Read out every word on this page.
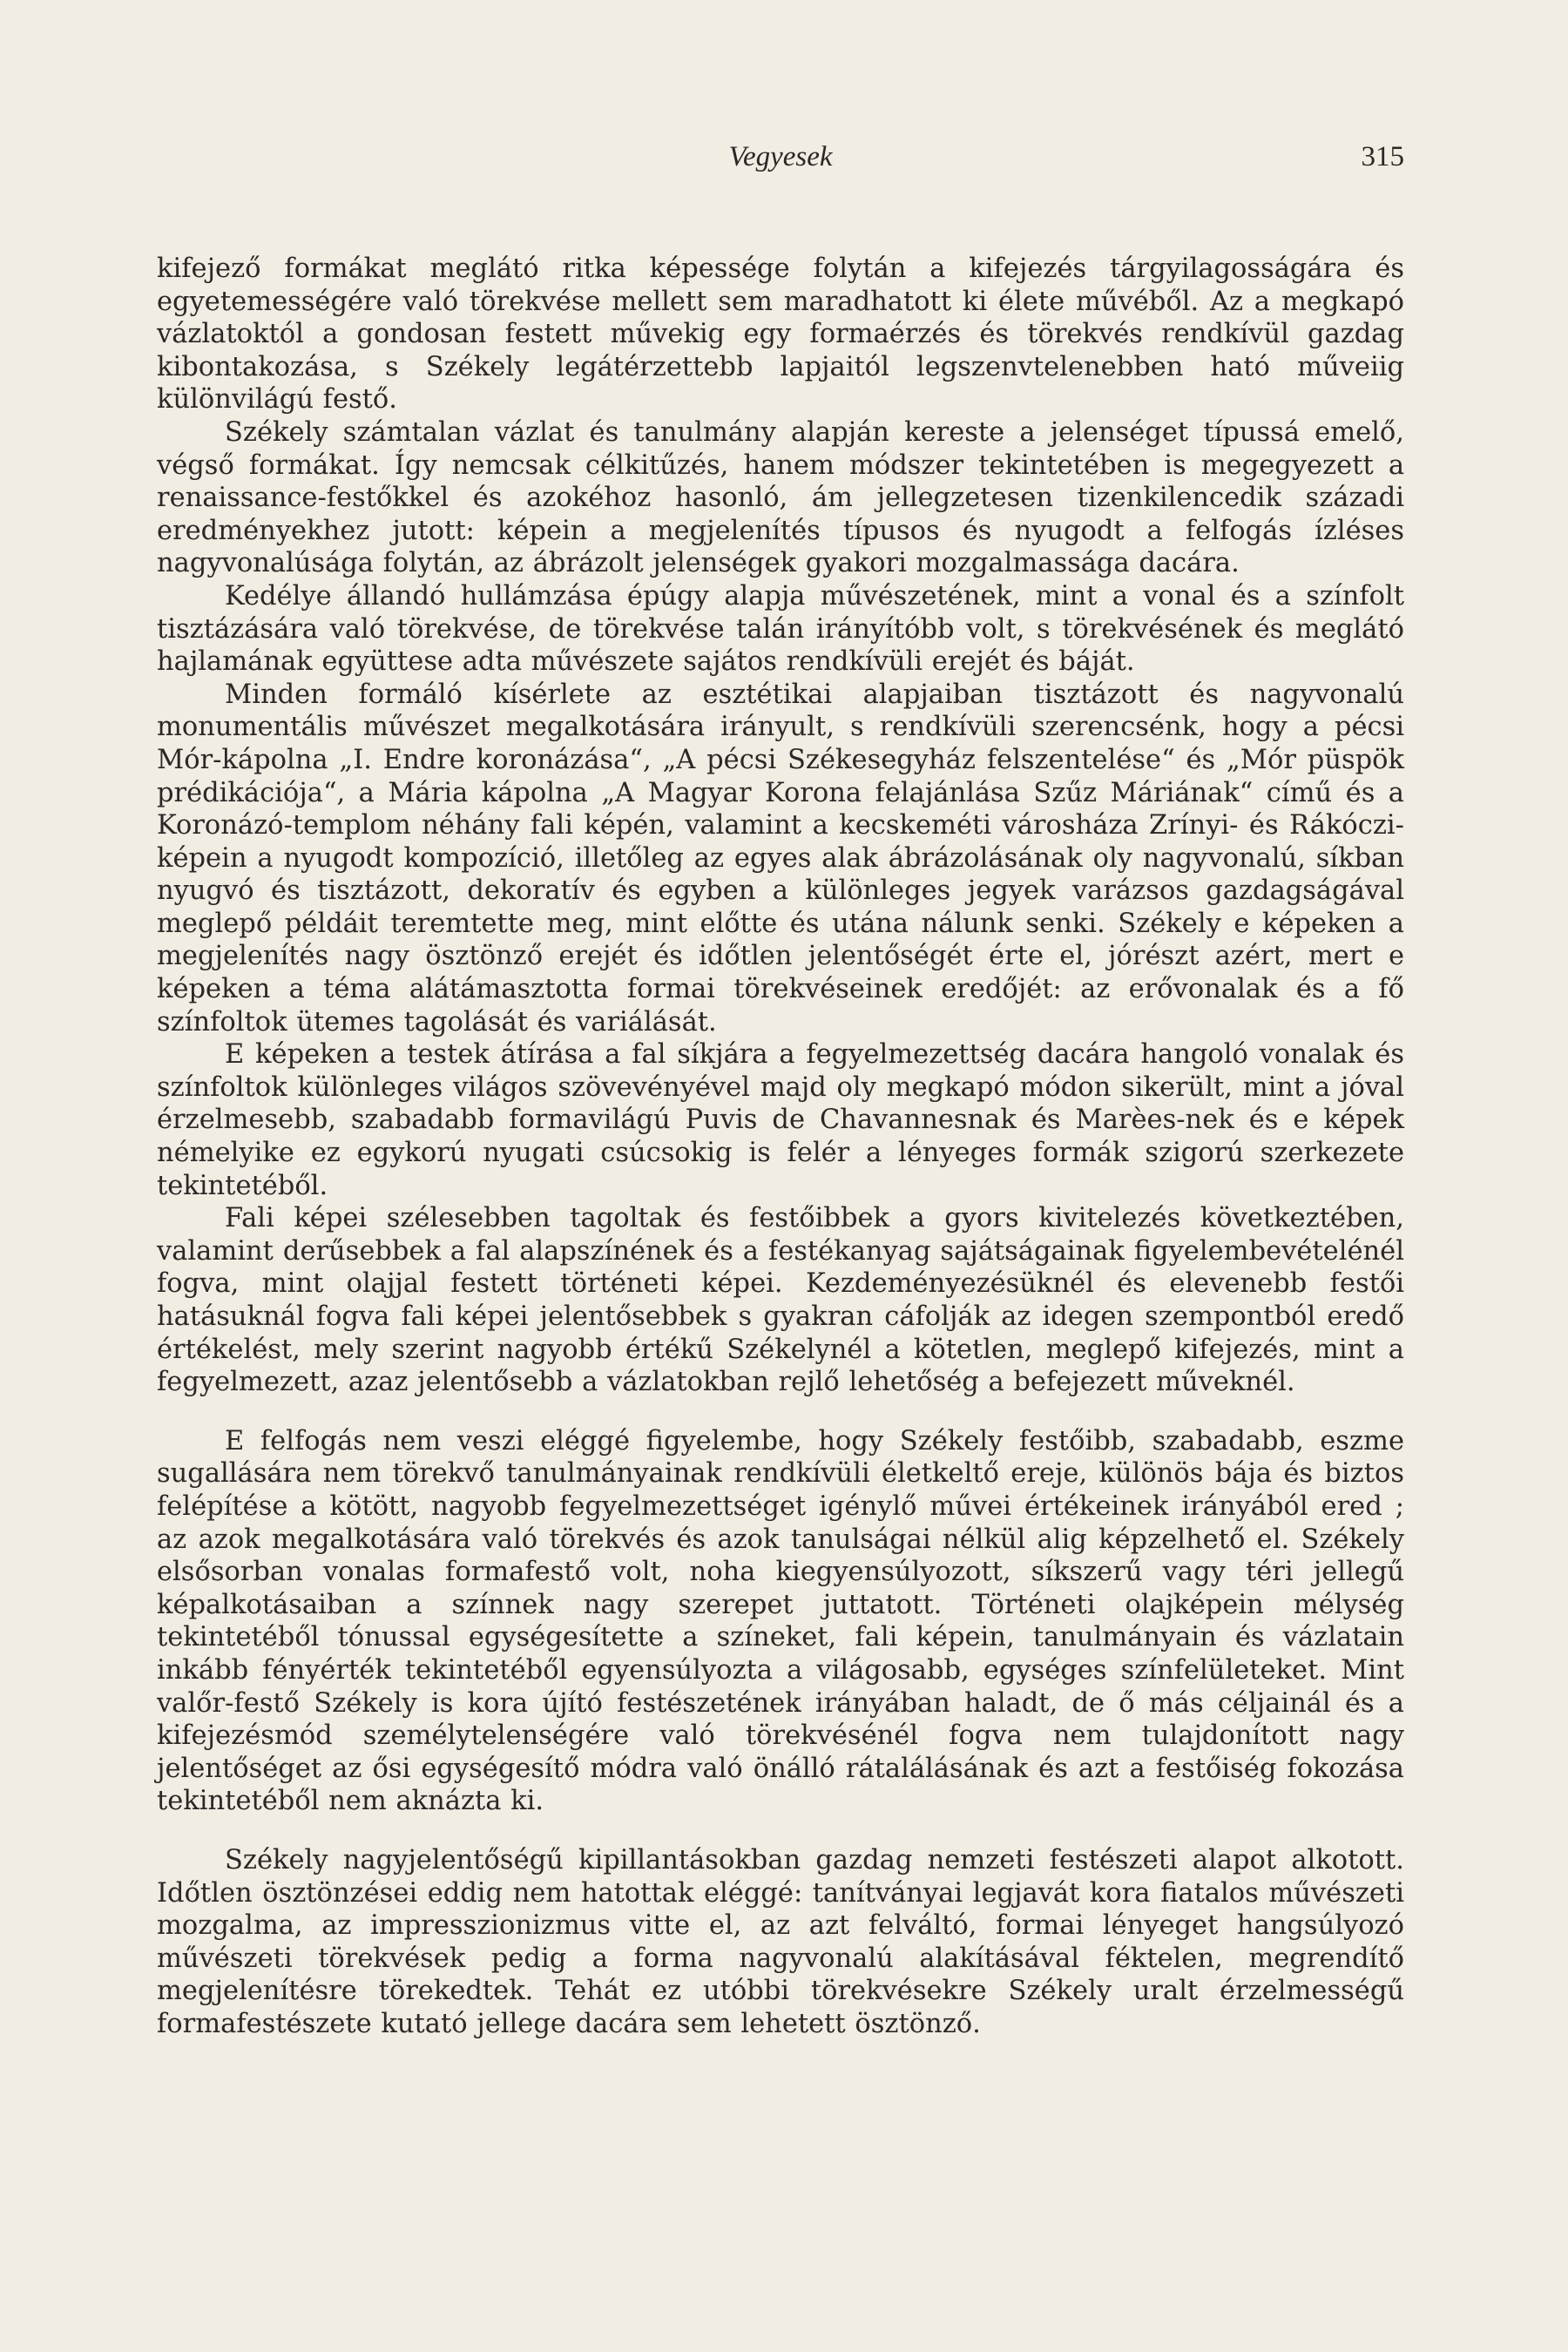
Vegyesek	315

kifejező formákat meglátó ritka képessége folytán a kifejezés tárgyilagosságára és egyetemességére való törekvése mellett sem maradhatott ki élete művéből. Az a megkapó vázlatoktól a gondosan festett művekig egy formaérzés és törekvés rendkívül gazdag kibontakozása, s Székely legátérzettebb lapjaitól legszenvtelenebben ható műveiig különvilágú festő.

Székely számtalan vázlat és tanulmány alapján kereste a jelenséget típussá emelő, végső formákat. Így nemcsak célkitűzés, hanem módszer tekintetében is megegyezett a renaissance-festőkkel és azokéhoz hasonló, ám jellegzetesen tizenkilencedik századi eredményekhez jutott: képein a megjelenítés típusos és nyugodt a felfogás ízléses nagyvonalúsága folytán, az ábrázolt jelenségek gyakori mozgalmassága dacára.

Kedélye állandó hullámzása épúgy alapja művészetének, mint a vonal és a színfolt tisztázására való törekvése, de törekvése talán irányítóbb volt, s törekvésének és meglátó hajlamának együttese adta művészete sajátos rendkívüli erejét és báját.

Minden formáló kísérlete az esztétikai alapjaiban tisztázott és nagyvonalú monumentális művészet megalkotására irányult, s rendkívüli szerencsénk, hogy a pécsi Mór-kápolna „I. Endre koronázása“, „A pécsi Székesegyház felszentelése“ és „Mór püspök prédikációja“, a Mária kápolna „A Magyar Korona felajánlása Szűz Máriának“ című és a Koronázó-templom néhány fali képén, valamint a kecskeméti városháza Zrínyi- és Rákóczi-képein a nyugodt kompozíció, illetőleg az egyes alak ábrázolásának oly nagyvonalú, síkban nyugvó és tisztázott, dekoratív és egyben a különleges jegyek varázsos gazdagságával meglepő példáit teremtette meg, mint előtte és utána nálunk senki. Székely e képeken a megjelenítés nagy ösztönző erejét és időtlen jelentőségét érte el, jórészt azért, mert e képeken a téma alátámasztotta formai törekvéseinek eredőjét: az erővonalak és a fő színfoltok ütemes tagolását és variálását.

E képeken a testek átírása a fal síkjára a fegyelmezettség dacára hangoló vonalak és színfoltok különleges világos szövevényével majd oly megkapó módon sikerült, mint a jóval érzelmesebb, szabadabb formavilágú Puvis de Chavannesnak és Marèes-nek és e képek némelyike ez egykorú nyugati csúcsokig is felér a lényeges formák szigorú szerkezete tekintetéből.

Fali képei szélesebben tagoltak és festőibbek a gyors kivitelezés következtében, valamint derűsebbek a fal alapszínének és a festékanyag sajátságainak figyelembevételénél fogva, mint olajjal festett történeti képei. Kezdeményezésüknél és elevenebb festői hatásuknál fogva fali képei jelentősebbek s gyakran cáfolják az idegen szempontból eredő értékelést, mely szerint nagyobb értékű Székelynél a kötetlen, meglepő kifejezés, mint a fegyelmezett, azaz jelentősebb a vázlatokban rejlő lehetőség a befejezett műveknél.

E felfogás nem veszi eléggé figyelembe, hogy Székely festőibb, szabadabb, eszme sugallására nem törekvő tanulmányainak rendkívüli életkeltő ereje, különös bája és biztos felépítése a kötött, nagyobb fegyelmezettséget igénylő művei értékeinek irányából ered ; az azok megalkotására való törekvés és azok tanulságai nélkül alig képzelhető el. Székely elsősorban vonalas formafestő volt, noha kiegyensúlyozott, síkszerű vagy téri jellegű képalkotásaiban a színnek nagy szerepet juttatott. Történeti olajképein mélység tekintetéből tónussal egységesítette a színeket, fali képein, tanulmányain és vázlatain inkább fényérték tekintetéből egyensúlyozta a világosabb, egységes színfelületeket. Mint valőr-festő Székely is kora újító festészetének irányában haladt, de ő más céljainál és a kifejezésmód személytelenségére való törekvésénél fogva nem tulajdonított nagy jelentőséget az ősi egységesítő módra való önálló rátalálásának és azt a festőiség fokozása tekintetéből nem aknázta ki.

Székely nagyjelentőségű kipillantásokban gazdag nemzeti festészeti alapot alkotott. Időtlen ösztönzései eddig nem hatottak eléggé: tanítványai legjavát kora fiatalos művészeti mozgalma, az impresszionizmus vitte el, az azt felváltó, formai lényeget hangsúlyozó művészeti törekvések pedig a forma nagyvonalú alakításával féktelen, megrendítő megjelenítésre törekedtek. Tehát ez utóbbi törekvésekre Székely uralt érzelmességű formafestészete kutató jellege dacára sem lehetett ösztönző.
